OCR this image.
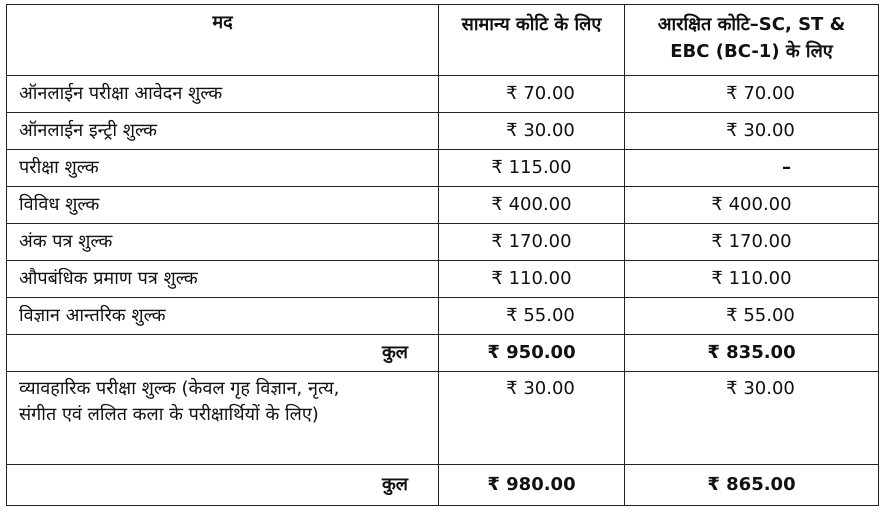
मद	सामान्य कोटि के लिए	आरक्षित कोटि–SC, ST & EBC (BC-1) के लिए
ऑनलाईन परीक्षा आवेदन शुल्क	₹ 70.00	₹ 70.00
ऑनलाईन इन्ट्री शुल्क	₹ 30.00	₹ 30.00
परीक्षा शुल्क	₹ 115.00	–
विविध शुल्क	₹ 400.00	₹ 400.00
अंक पत्र शुल्क	₹ 170.00	₹ 170.00
औपबंधिक प्रमाण पत्र शुल्क	₹ 110.00	₹ 110.00
विज्ञान आन्तरिक शुल्क	₹ 55.00	₹ 55.00
कुल	₹ 950.00	₹ 835.00
व्यावहारिक परीक्षा शुल्क (केवल गृह विज्ञान, नृत्य, संगीत एवं ललित कला के परीक्षार्थियों के लिए)	₹ 30.00	₹ 30.00
कुल	₹ 980.00	₹ 865.00
